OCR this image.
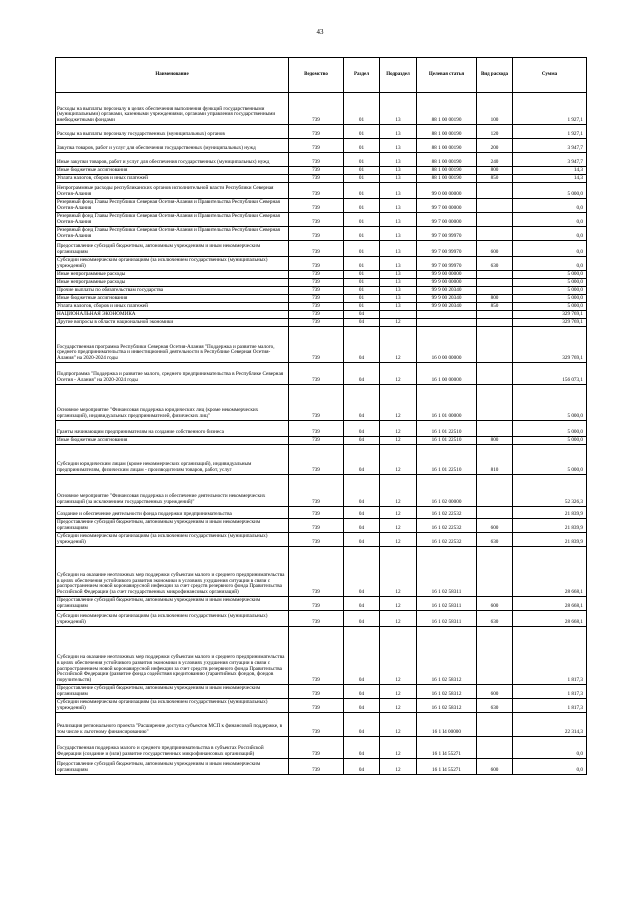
43
Наименование	Ведомство	Раздел	Подраздел	Целевая статья	Вид расхода	Сумма
Расходы на выплаты персоналу в целях обеспечения выполнения функций государственными (муниципальными) органами, казенными учреждениями, органами управления государственными внебюджетными фондами	739	01	13	88 1 00 00190	100	1 927,1
Расходы на выплаты персоналу государственных (муниципальных) органов	739	01	13	88 1 00 00190	120	1 927,1
Закупка товаров, работ и услуг для обеспечения государственных (муниципальных) нужд	739	01	13	88 1 00 00190	200	3 947,7
Иные закупки товаров, работ и услуг для обеспечения государственных (муниципальных) нужд	739	01	13	88 1 00 00190	240	3 947,7
Иные бюджетные ассигнования	739	01	13	88 1 00 00190	800	14,3
Уплата налогов, сборов и иных платежей	739	01	13	88 1 00 00190	850	14,3
Непрограммные расходы республиканских органов исполнительной власти Республики Северная Осетия-Алания	739	01	13	99 0 00 00000		5 000,0
Резервный фонд Главы Республики Северная Осетия-Алания и Правительства Республики Северная Осетия-Алания	739	01	13	99 7 00 00000		0,0
Резервный фонд Главы Республики Северная Осетия-Алания и Правительства Республики Северная Осетия-Алания	739	01	13	99 7 00 00000		0,0
Резервный фонд Главы Республики Северная Осетия-Алания и Правительства Республики Северная Осетия-Алания	739	01	13	99 7 00 99970		0,0
Предоставление субсидий бюджетным, автономным учреждениям и иным некоммерческим организациям	739	01	13	99 7 00 99970	600	0,0
Субсидии некоммерческим организациям (за исключением государственных (муниципальных) учреждений)	739	01	13	99 7 00 99970	630	0,0
Иные непрограммные расходы	739	01	13	99 9 00 00000		5 000,0
Иные непрограммные расходы	739	01	13	99 9 00 00000		5 000,0
Прочие выплаты по обязательствам государства	739	01	13	99 9 00 20340		5 000,0
Иные бюджетные ассигнования	739	01	13	99 9 00 20340	800	5 000,0
Уплата налогов, сборов и иных платежей	739	01	13	99 9 00 20340	850	5 000,0
НАЦИОНАЛЬНАЯ ЭКОНОМИКА	739	04				329 769,1
Другие вопросы в области национальной экономики	739	04	12			329 769,1
Государственная программа Республики Северная Осетия-Алания "Поддержка и развитие малого, среднего предпринимательства и инвестиционной деятельности в Республике Северная Осетия-Алания" на 2020-2024 годы	739	04	12	16 0 00 00000		329 769,1
Подпрограмма "Поддержка и развитие малого, среднего предпринимательства в Республике Северная Осетия - Алания" на 2020-2024 годы	739	04	12	16 1 00 00000		156 073,1
Основное мероприятие "Финансовая поддержка юридических лиц (кроме некоммерческих организаций), индивидуальных предпринимателей, физических лиц"	739	04	12	16 1 01 00000		5 000,0
Гранты начинающим предпринимателям на создание собственного бизнеса	739	04	12	16 1 01 22510		5 000,0
Иные бюджетные ассигнования	739	04	12	16 1 01 22510	800	5 000,0
Субсидии юридическим лицам (кроме некоммерческих организаций), индивидуальным предпринимателям, физическим лицам - производителям товаров, работ, услуг	739	04	12	16 1 01 22510	810	5 000,0
Основное мероприятие "Финансовая поддержка и обеспечение деятельности некоммерческих организаций (за исключением государственных учреждений)"	739	04	12	16 1 02 00000		52 326,3
Создание и обеспечение деятельности фонда поддержки предпринимательства	739	04	12	16 1 02 22532		21 839,9
Предоставление субсидий бюджетным, автономным учреждениям и иным некоммерческим организациям	739	04	12	16 1 02 22532	600	21 839,9
Субсидии некоммерческим организациям (за исключением государственных (муниципальных) учреждений)	739	04	12	16 1 02 22532	630	21 839,9
Субсидии на оказание неотложных мер поддержки субъектам малого и среднего предпринимательства в целях обеспечения устойчивого развития экономики в условиях ухудшения ситуации в связи с распространением новой коронавирусной инфекции за счет средств резервного фонда Правительства Российской Федерации (за счет государственных микрофинансовых организаций)	739	04	12	16 1 02 58311		28 668,1
Предоставление субсидий бюджетным, автономным учреждениям и иным некоммерческим организациям	739	04	12	16 1 02 58311	600	28 668,1
Субсидии некоммерческим организациям (за исключением государственных (муниципальных) учреждений)	739	04	12	16 1 02 58311	630	28 668,1
Субсидии на оказание неотложных мер поддержки субъектам малого и среднего предпринимательства в целях обеспечения устойчивого развития экономики в условиях ухудшения ситуации в связи с распространением новой коронавирусной инфекции за счет средств резервного фонда Правительства Российской Федерации (развитие фонда содействия кредитованию (гарантийных фондов, фондов поручительств)	739	04	12	16 1 02 58312		1 817,3
Предоставление субсидий бюджетным, автономным учреждениям и иным некоммерческим организациям	739	04	12	16 1 02 58312	600	1 817,3
Субсидии некоммерческим организациям (за исключением государственных (муниципальных) учреждений)	739	04	12	16 1 02 58312	630	1 817,3
Реализация регионального проекта "Расширение доступа субъектов МСП к финансовой поддержке, в том числе к льготному финансированию"	739	04	12	16 1 I4 00000		22 314,3
Государственная поддержка малого и среднего предпринимательства в субъектах Российской Федерации (создание и (или) развитие государственных микрофинансовых организаций)	739	04	12	16 1 I4 55271		0,0
Предоставление субсидий бюджетным, автономным учреждениям и иным некоммерческим организациям	739	04	12	16 1 I4 55271	600	0,0
